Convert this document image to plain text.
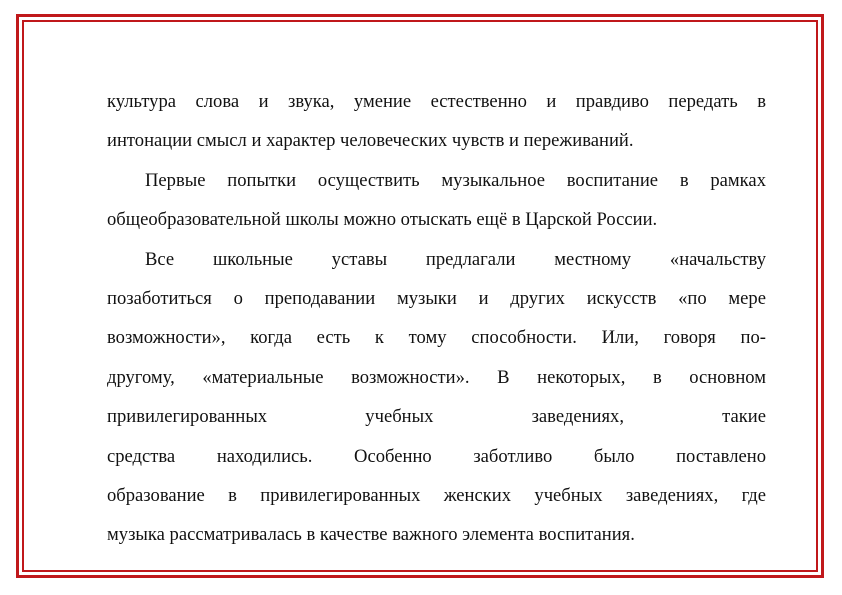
культура слова и звука, умение естественно и правдиво передать в
интонации смысл и характер человеческих чувств и переживаний.
Первые попытки осуществить музыкальное воспитание в рамках
общеобразовательной школы можно отыскать ещё в Царской России.
Все школьные уставы предлагали местному «начальству
позаботиться о преподавании музыки и других искусств «по мере
возможности», когда есть к тому способности. Или, говоря по-
другому, «материальные возможности». В некоторых, в основном
привилегированных учебных заведениях, такие
средства находились. Особенно заботливо было поставлено
образование в привилегированных женских учебных заведениях, где
музыка рассматривалась в качестве важного элемента воспитания.
